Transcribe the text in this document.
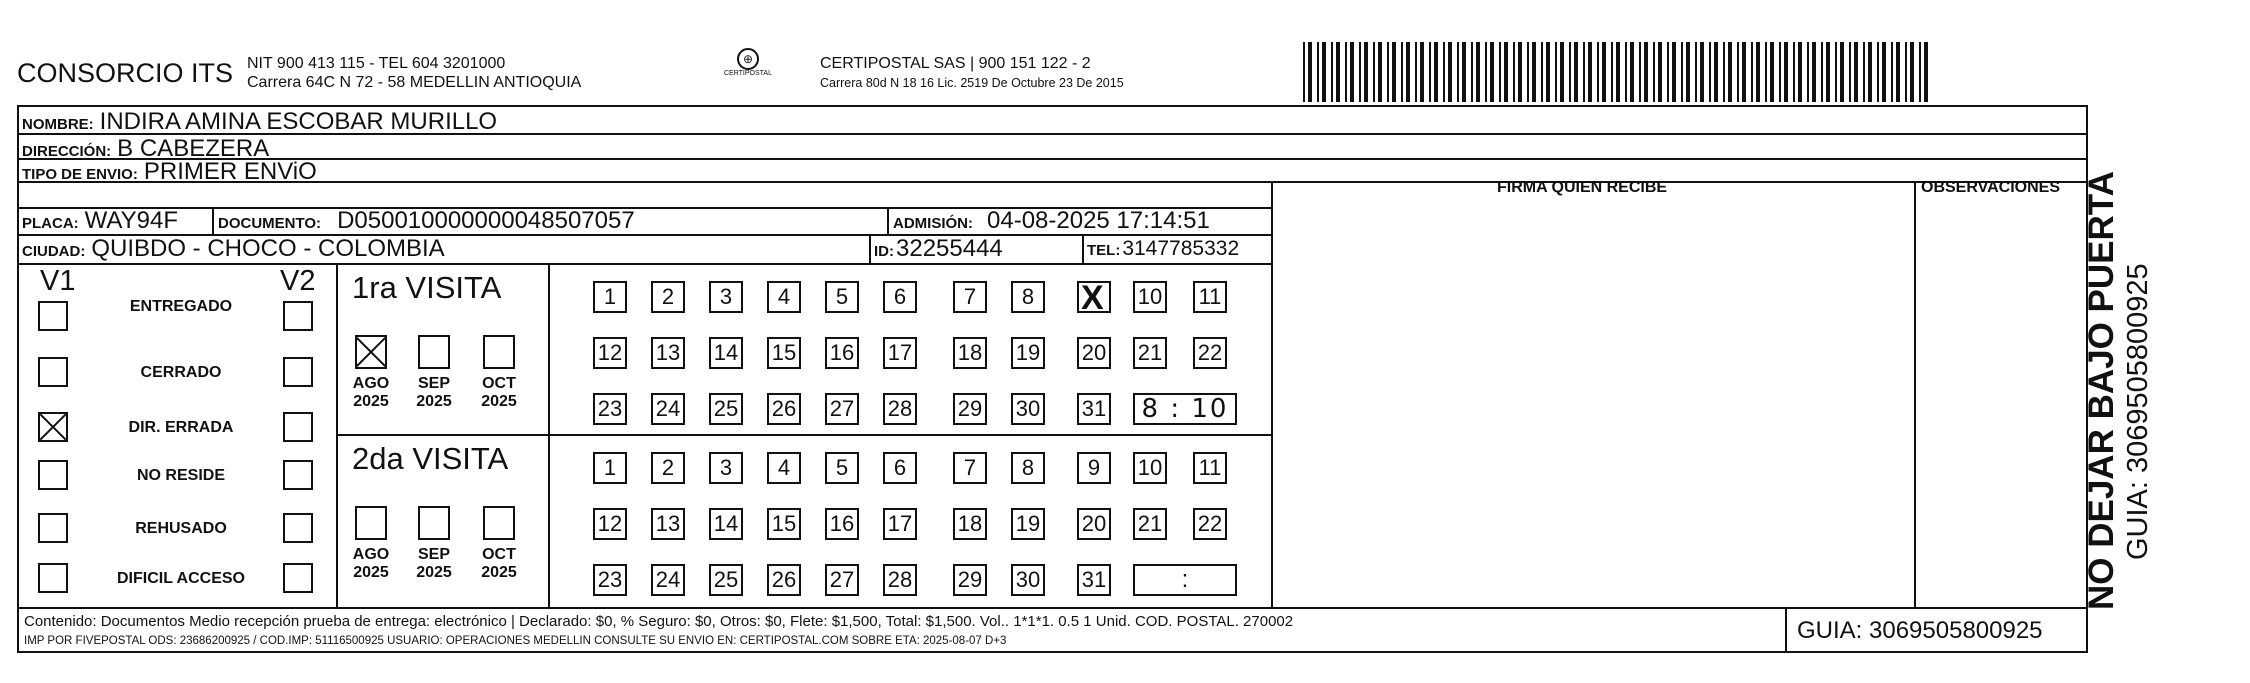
CONSORCIO ITS NIT 900 413 115 - TEL 604 3201000
Carrera 64C N 72 - 58 MEDELLIN ANTIOQUIA
⊕
CERTIPOSTAL
CERTIPOSTAL SAS | 900 151 122 - 2
Carrera 80d N 18 16 Lic. 2519 De Octubre 23 De 2015
NOMBRE: INDIRA AMINA ESCOBAR MURILLO
DIRECCIÓN: B CABEZERA
TIPO DE ENVIO: PRIMER ENViO
FIRMA QUIEN RECIBE	OBSERVACIONES
PLACA: WAY94F	DOCUMENTO: D050010000000048507057	ADMISIÓN: 04-08-2025 17:14:51
CIUDAD: QUIBDO - CHOCO - COLOMBIA	ID: 32255444	TEL: 3147785332
V1	V2
ENTREGADO
CERRADO
DIR. ERRADA
NO RESIDE
REHUSADO
DIFICIL ACCESO
1ra VISITA
AGO
2025
SEP
2025
OCT
2025
1	2	3	4	5	6	7	8
X	10 11
12 13 14 15 16 17 18 19 20 21 22
23 24 25 26 27 28 29 30 31	8 : 10
2da VISITA
AGO
2025
SEP
2025
OCT
2025
1	2	3	4	5	6	7	8	9	10 11
12 13 14 15 16 17 18 19 20 21 22
23 24 25 26 27 28 29 30 31	:
Contenido: Documentos Medio recepción prueba de entrega: electrónico | Declarado: $0, % Seguro: $0, Otros: $0, Flete: $1,500, Total: $1,500. Vol.. 1*1*1. 0.5 1 Unid. COD. POSTAL. 270002
IMP POR FIVEPOSTAL ODS: 23686200925 / COD.IMP: 51116500925 USUARIO: OPERACIONES MEDELLIN CONSULTE SU ENVIO EN: CERTIPOSTAL.COM SOBRE ETA: 2025-08-07 D+3	GUIA: 3069505800925
NO DEJAR BAJO PUERTA GUIA: 3069505800925
